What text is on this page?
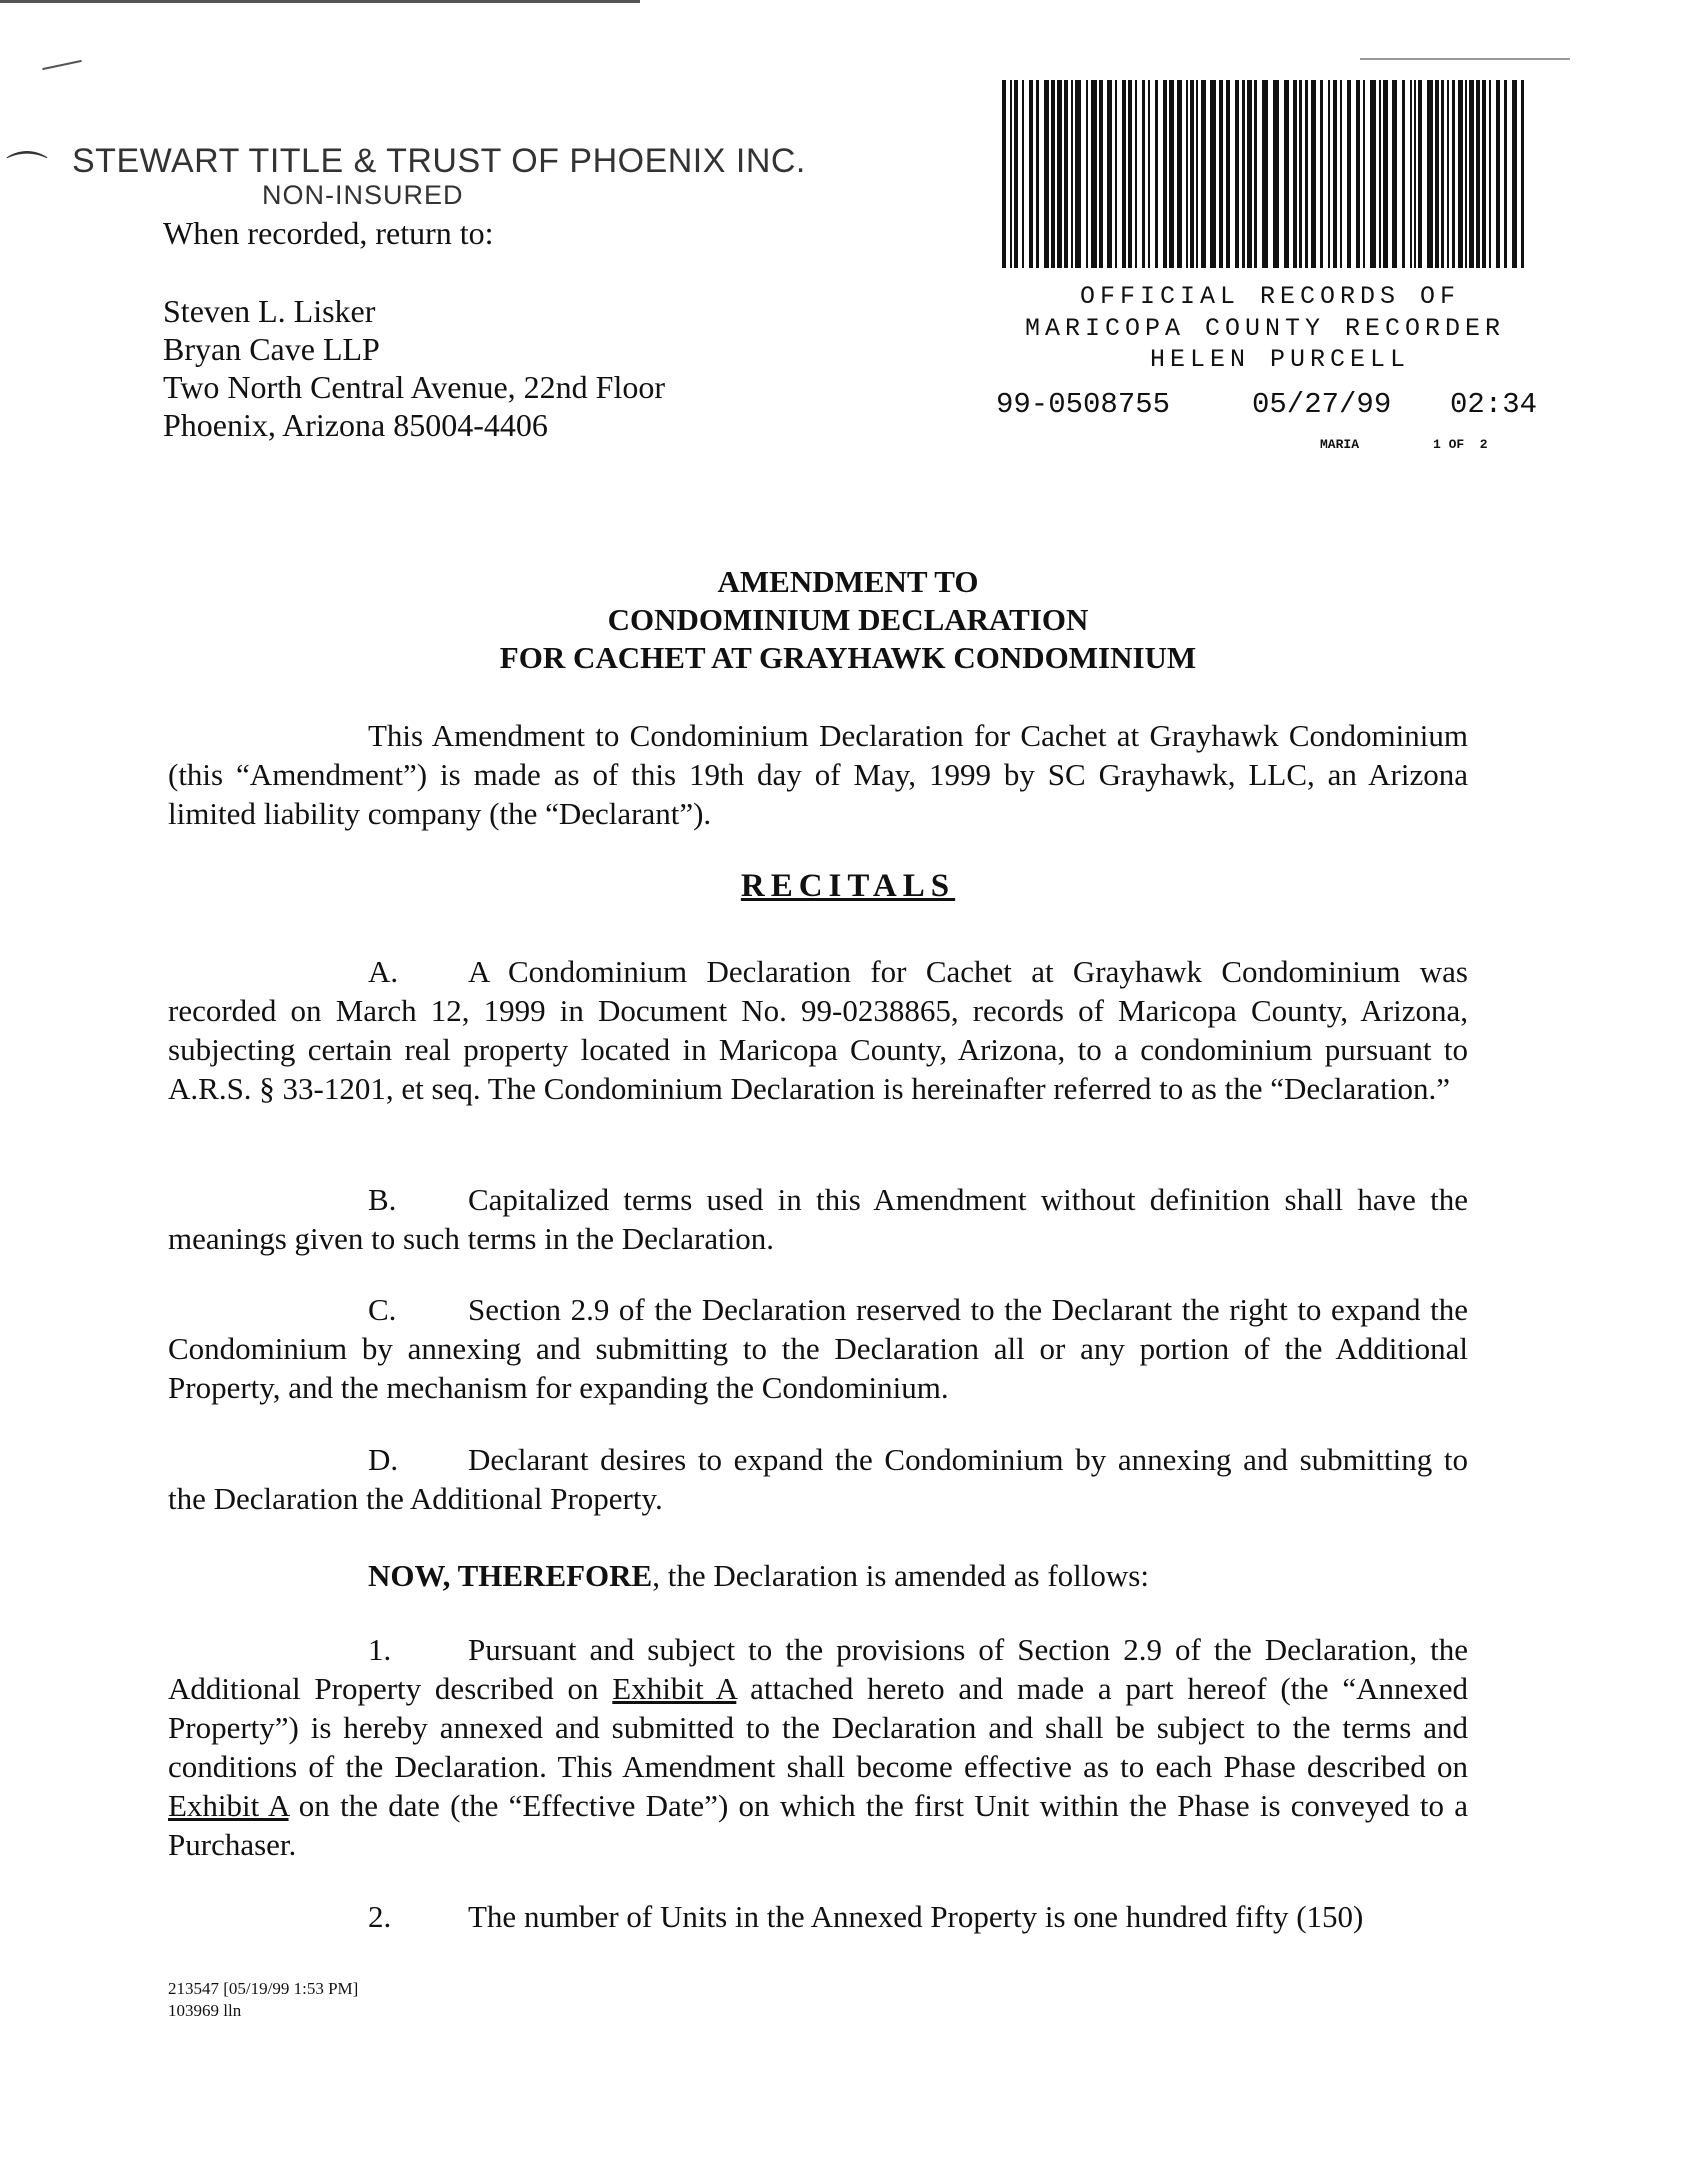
⌒ STEWART TITLE & TRUST OF PHOENIX INC.
NON-INSURED
When recorded, return to:
Steven L. Lisker
Bryan Cave LLP
Two North Central Avenue, 22nd Floor
Phoenix, Arizona 85004-4406
OFFICIAL RECORDS OF
MARICOPA COUNTY RECORDER
HELEN PURCELL
99-0508755	05/27/99 02:34
MARIA	1 OF  2
AMENDMENT TO
CONDOMINIUM DECLARATION
FOR CACHET AT GRAYHAWK CONDOMINIUM
This Amendment to Condominium Declaration for Cachet at Grayhawk Condominium (this “Amendment”) is made as of this 19th day of May, 1999 by SC Grayhawk, LLC, an Arizona limited liability company (the “Declarant”).
RECITALS
A. A Condominium Declaration for Cachet at Grayhawk Condominium was recorded on March 12, 1999 in Document No. 99-0238865, records of Maricopa County, Arizona, subjecting certain real property located in Maricopa County, Arizona, to a condominium pursuant to A.R.S. § 33-1201, et seq. The Condominium Declaration is hereinafter referred to as the “Declaration.”
B. Capitalized terms used in this Amendment without definition shall have the meanings given to such terms in the Declaration.
C. Section 2.9 of the Declaration reserved to the Declarant the right to expand the Condominium by annexing and submitting to the Declaration all or any portion of the Additional Property, and the mechanism for expanding the Condominium.
D. Declarant desires to expand the Condominium by annexing and submitting to the Declaration the Additional Property.
NOW, THEREFORE, the Declaration is amended as follows:
1. Pursuant and subject to the provisions of Section 2.9 of the Declaration, the Additional Property described on Exhibit A attached hereto and made a part hereof (the “Annexed Property”) is hereby annexed and submitted to the Declaration and shall be subject to the terms and conditions of the Declaration. This Amendment shall become effective as to each Phase described on Exhibit A on the date (the “Effective Date”) on which the first Unit within the Phase is conveyed to a Purchaser.
2. The number of Units in the Annexed Property is one hundred fifty (150)
213547 [05/19/99 1:53 PM]
103969 lln
